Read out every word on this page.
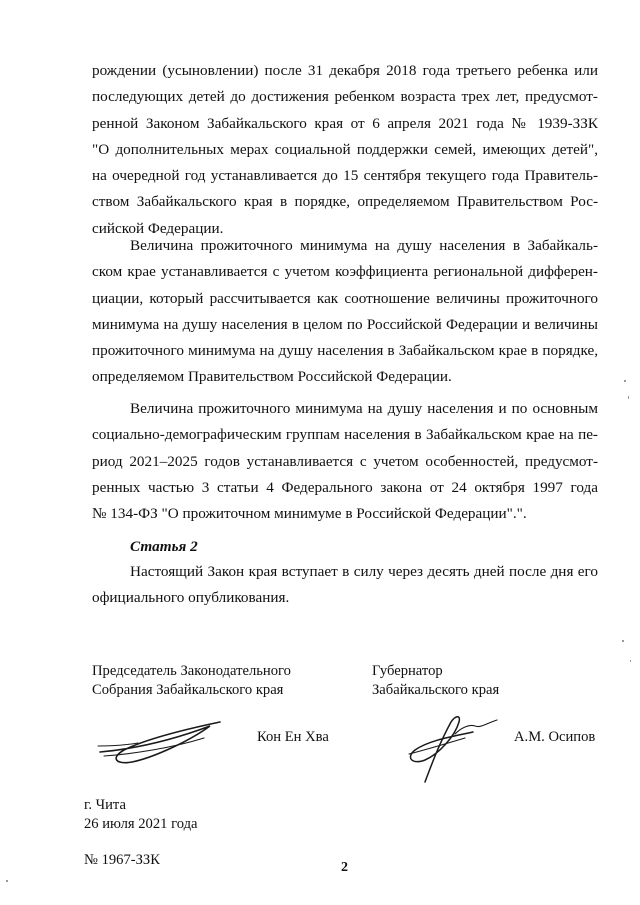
рождении (усыновлении) после 31 декабря 2018 года третьего ребенка или
последующих детей до достижения ребенком возраста трех лет, предусмот-
ренной Законом Забайкальского края от 6 апреля 2021 года № 1939-ЗЗК
"О дополнительных мерах социальной поддержки семей, имеющих детей",
на очередной год устанавливается до 15 сентября текущего года Правитель-
ством Забайкальского края в порядке, определяемом Правительством Рос-
сийской Федерации.

Величина прожиточного минимума на душу населения в Забайкаль-
ском крае устанавливается с учетом коэффициента региональной дифферен-
циации, который рассчитывается как соотношение величины прожиточного
минимума на душу населения в целом по Российской Федерации и величины
прожиточного минимума на душу населения в Забайкальском крае в порядке,
определяемом Правительством Российской Федерации.

Величина прожиточного минимума на душу населения и по основным
социально-демографическим группам населения в Забайкальском крае на пе-
риод 2021–2025 годов устанавливается с учетом особенностей, предусмот-
ренных частью 3 статьи 4 Федерального закона от 24 октября 1997 года
№ 134-ФЗ "О прожиточном минимуме в Российской Федерации".".

Статья 2

Настоящий Закон края вступает в силу через десять дней после дня его
официального опубликования.

Председатель Законодательного
Собрания Забайкальского края
Кон Ен Хва
Губернатор
Забайкальского края
А.М. Осипов
г. Чита
26 июля 2021 года
№ 1967-ЗЗК	2
